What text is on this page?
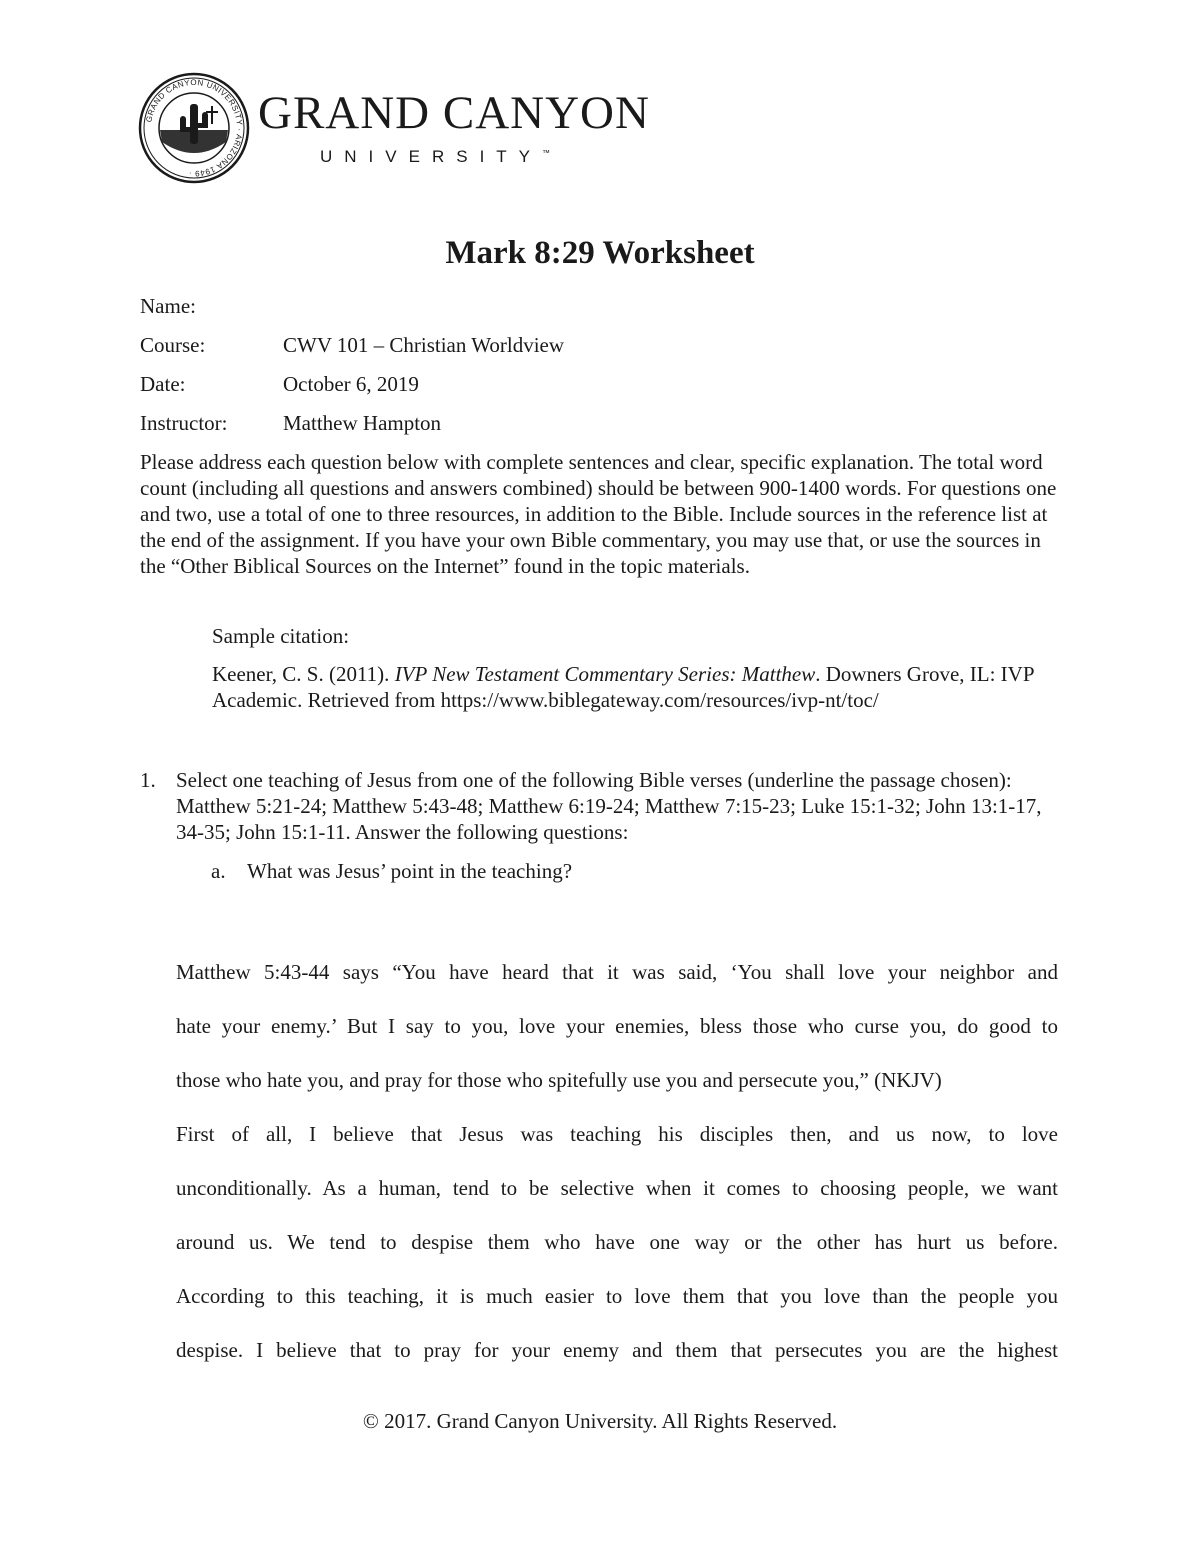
GRAND CANYON UNIVERSITY · ARIZONA 1949 ·
GRAND CANYON
UNIVERSITY™
Mark 8:29 Worksheet
Name:
Course:	CWV 101 – Christian Worldview
Date:	October 6, 2019
Instructor:	Matthew Hampton

Please address each question below with complete sentences and clear, specific explanation. The total word count (including all questions and answers combined) should be between 900-1400 words. For questions one and two, use a total of one to three resources, in addition to the Bible. Include sources in the reference list at the end of the assignment. If you have your own Bible commentary, you may use that, or use the sources in the “Other Biblical Sources on the Internet” found in the topic materials.

Sample citation:

Keener, C. S. (2011). IVP New Testament Commentary Series: Matthew. Downers Grove, IL: IVP Academic. Retrieved from https://www.biblegateway.com/resources/ivp-nt/toc/

1. Select one teaching of Jesus from one of the following Bible verses (underline the passage chosen): Matthew 5:21-24; Matthew 5:43-48; Matthew 6:19-24; Matthew 7:15-23; Luke 15:1-32; John 13:1-17, 34-35; John 15:1-11. Answer the following questions:

a. What was Jesus’ point in the teaching?
Matthew 5:43-44 says “You have heard that it was said, ‘You shall love your neighbor and
hate your enemy.’ But I say to you, love your enemies, bless those who curse you, do good to
those who hate you, and pray for those who spitefully use you and persecute you,” (NKJV)
First of all, I believe that Jesus was teaching his disciples then, and us now, to love
unconditionally. As a human, tend to be selective when it comes to choosing people, we want
around us. We tend to despise them who have one way or the other has hurt us before.
According to this teaching, it is much easier to love them that you love than the people you
despise. I believe that to pray for your enemy and them that persecutes you are the highest
© 2017. Grand Canyon University. All Rights Reserved.
